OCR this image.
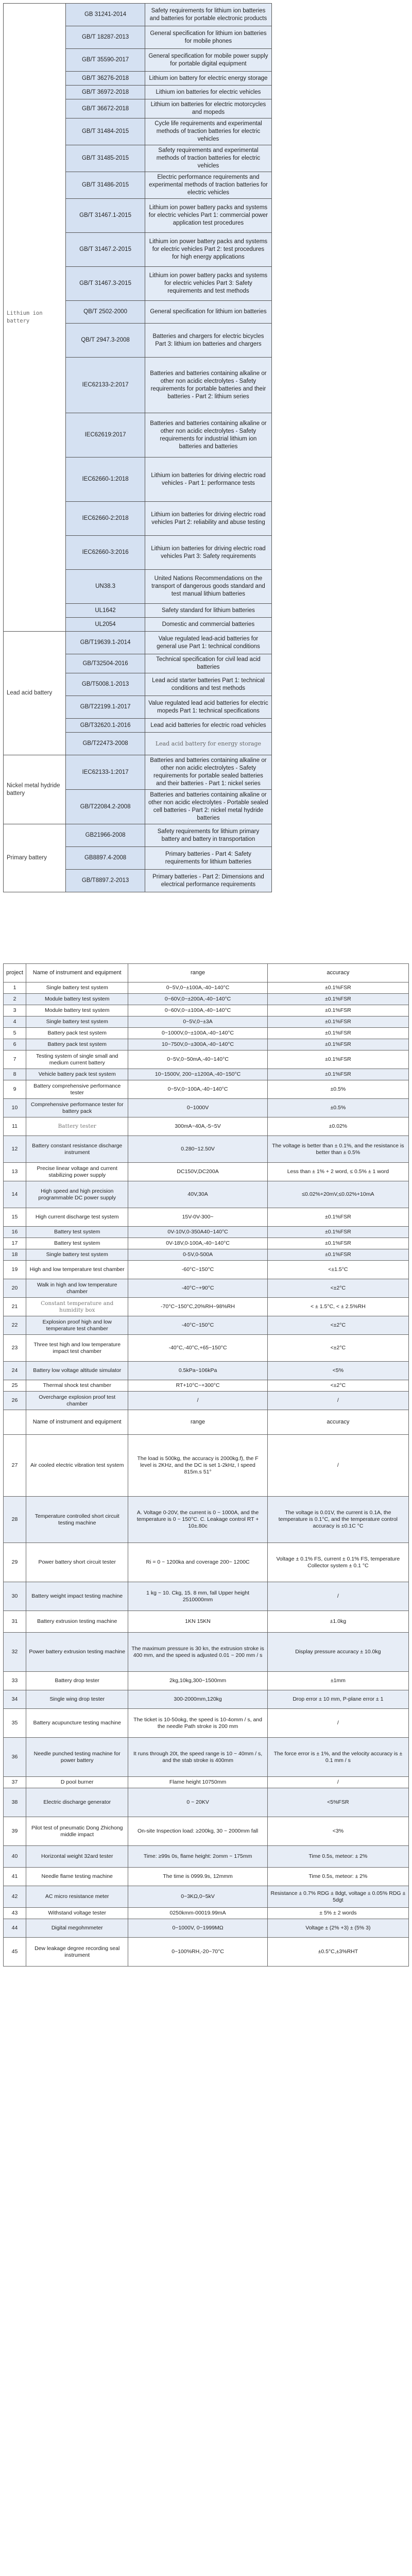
Lithium ion battery	GB 31241-2014	Safety requirements for lithium ion batteries and batteries for portable electronic products
	GB/T 18287-2013	General specification for lithium ion batteries for mobile phones
	GB/T 35590-2017	General specification for mobile power supply for portable digital equipment
	GB/T 36276-2018	Lithium ion battery for electric energy storage
	GB/T 36972-2018	Lithium ion batteries for electric vehicles
	GB/T 36672-2018	Lithium ion batteries for electric motorcycles and mopeds
	GB/T 31484-2015	Cycle life requirements and experimental methods of traction batteries for electric vehicles
	GB/T 31485-2015	Safety requirements and experimental methods of traction batteries for electric vehicles
	GB/T 31486-2015	Electric performance requirements and experimental methods of traction batteries for electric vehicles
	GB/T 31467.1-2015	Lithium ion power battery packs and systems for electric vehicles Part 1: commercial power application test procedures
	GB/T 31467.2-2015	Lithium ion power battery packs and systems for electric vehicles Part 2: test procedures for high energy applications
	GB/T 31467.3-2015	Lithium ion power battery packs and systems for electric vehicles Part 3: Safety requirements and test methods
	QB/T 2502-2000	General specification for lithium ion batteries
	QB/T 2947.3-2008	Batteries and chargers for electric bicycles Part 3: lithium ion batteries and chargers
	IEC62133-2:2017	Batteries and batteries containing alkaline or other non acidic electrolytes - Safety requirements for portable batteries and their batteries - Part 2: lithium series
	IEC62619:2017	Batteries and batteries containing alkaline or other non acidic electrolytes - Safety requirements for industrial lithium ion batteries and batteries
	IEC62660-1:2018	Lithium ion batteries for driving electric road vehicles - Part 1: performance tests
	IEC62660-2:2018	Lithium ion batteries for driving electric road vehicles Part 2: reliability and abuse testing
	IEC62660-3:2016	Lithium ion batteries for driving electric road vehicles Part 3: Safety requirements
	UN38.3	United Nations Recommendations on the transport of dangerous goods standard and test manual lithium batteries
	UL1642	Safety standard for lithium batteries
	UL2054	Domestic and commercial batteries
Lead acid battery	GB/T19639.1-2014	Value regulated lead-acid batteries for general use Part 1: technical conditions
	GB/T32504-2016	Technical specification for civil lead acid batteries
	GB/T5008.1-2013	Lead acid starter batteries Part 1: technical conditions and test methods
	GB/T22199.1-2017	Value regulated lead acid batteries for electric mopeds Part 1: technical specifications
	GB/T32620.1-2016	Lead acid batteries for electric road vehicles
	GB/T22473-2008	Lead acid battery for energy storage
Nickel metal hydride battery	IEC62133-1:2017	Batteries and batteries containing alkaline or other non acidic electrolytes - Safety requirements for portable sealed batteries and their batteries - Part 1: nickel series
	GB/T22084.2-2008	Batteries and batteries containing alkaline or other non acidic electrolytes - Portable sealed cell batteries - Part 2: nickel metal hydride batteries
Primary battery	GB21966-2008	Safety requirements for lithium primary battery and battery in transportation
	GB8897.4-2008	Primary batteries - Part 4: Safety requirements for lithium batteries
	GB/T8897.2-2013	Primary batteries - Part 2: Dimensions and electrical performance requirements
project	Name of instrument and equipment	range	accuracy
1	Single battery test system	0~5V,0~±100A,-40~140°C	±0.1%FSR
2	Module battery test system	0~60V,0~±200A,-40~140°C	±0.1%FSR
3	Module battery test system	0~60V,0~±100A,-40~140°C	±0.1%FSR
4	Single battery test system	0~5V,0~±3A	±0.1%FSR
5	Battery pack test system	0~1000V,0~±100A,-40~140°C	±0.1%FSR
6	Battery pack test system	10~750V,0~±300A,-40~140°C	±0.1%FSR
7	Testing system of single small and medium current battery	0~5V,0~50mA,-40~140°C	±0.1%FSR
8	Vehicle battery pack test system	10~1500V, 200~±1200A,-40~150°C	±0.1%FSR
9	Battery comprehensive performance tester	0~5V,0~100A,-40~140°C	±0.5%
10	Comprehensive performance tester for battery pack	0~1000V	±0.5%
11	Battery tester	300mA~40A,-5~5V	±0.02%
12	Battery constant resistance discharge instrument	0.280~12.50V	The voltage is better than ± 0.1%, and the resistance is better than ± 0.5%
13	Precise linear voltage and current stabilizing power supply	DC150V,DC200A	Less than ± 1% + 2 word, ≤ 0.5% ± 1 word
14	High speed and high precision programmable DC power supply	40V,30A	≤0.02%+20mV,≤0.02%+10mA
15	High current discharge test system	15V-0V-300~	±0.1%FSR
16	Battery test system	0V-10V,0-350A40~140°C	±0.1%FSR
17	Battery test system	0V-18V,0-100A,-40~140°C	±0.1%FSR
18	Single battery test system	0-5V,0-500A	±0.1%FSR
19	High and low temperature test chamber	-60°C~150°C	<±1.5°C
20	Walk in high and low temperature chamber	-40°C~+90°C	<±2°C
21	Constant temperature and humidity box	-70°C~150°C,20%RH~98%RH	< ± 1.5°C, < ± 2.5%RH
22	Explosion proof high and low temperature test chamber	-40°C~150°C	<±2°C
23	Three test high and low temperature impact test chamber	-40°C,-40°C,+65~150°C	<±2°C
24	Battery low voltage altitude simulator	0.5kPa~106kPa	<5%
25	Thermal shock test chamber	RT+10°C~+300°C	<±2°C
26	Overcharge explosion proof test chamber	/	/
	Name of instrument and equipment	range	accuracy
27	Air cooled electric vibration test system	The load is 500kg, the accuracy is 2000kg.f), the F level is 2KHz, and the DC is set 1-2kHz, I speed 815m.s 51°	/
28	Temperature controlled short circuit testing machine	A. Voltage 0-20V, the current is 0 ~ 1000A, and the temperature is 0 ~ 150°C. C. Leakage control RT + 10±.80c	The voltage is 0.01V, the current is 0.1A, the temperature is 0.1°C, and the temperature control accuracy is ±0.1C °C
29	Power battery short circuit tester	Ri = 0 ~ 1200ka and coverage 200~ 1200C	Voltage ± 0.1% FS, current ± 0.1% FS, temperature Collector system ± 0.1 °C
30	Battery weight impact testing machine	1 kg ~ 10. Ckg, 15. 8 mm, fall Upper height 2510000mm	/
31	Battery extrusion testing machine	1KN 15KN	±1.0kg
32	Power battery extrusion testing machine	The maximum pressure is 30 kn, the extrusion stroke is 400 mm, and the speed is adjusted 0.01 ~ 200 mm / s	Display pressure accuracy ± 10.0kg
33	Battery drop tester	2kg,10kg,300~1500mm	±1mm
34	Single wing drop tester	300-2000mm,120kg	Drop error ± 10 mm, P-plane error ± 1
35	Battery acupuncture testing machine	The ticket is 10-50okg, the speed is 10-4omm / s, and the needle Path stroke is 200 mm	/
36	Needle punched testing machine for power battery	It runs through 20t, the speed range is 10 ~ 40mm / s, and the stab stroke is 400mm	The force error is ± 1%, and the velocity accuracy is ± 0.1 mm / s
37	D pool burner	Flame height 10750mm	/
38	Electric discharge generator	0 ~ 20KV	<5%FSR
39	Pilot test of pneumatic Dong Zhichong middle impact	On-site Inspection load: ≥200kg, 30 ~ 2000mm fall	<3%
40	Horizontal weight 32ard tester	Time: ≥99s 0s, flame height: 2omm ~ 175mm	Time 0.5s, meteor: ± 2%
41	Needle flame testing machine	The time is 0999.9s, 12mmm	Time 0.5s, meteor: ± 2%
42	AC micro resistance meter	0~3KΩ,0~5kV	Resistance ± 0.7% RDG ± 8dgt, voltage ± 0.05% RDG ± 5dgt
43	Withstand voltage tester	0250kmm-00019.99mA	± 5% ± 2 words
44	Digital megohmmeter	0~1000V, 0~1999MΩ	Voltage ± (2% +3) ± (5% 3)
45	Dew leakage degree recording seal instrument	0~100%RH,-20~70°C	±0.5°C,±3%RHT
